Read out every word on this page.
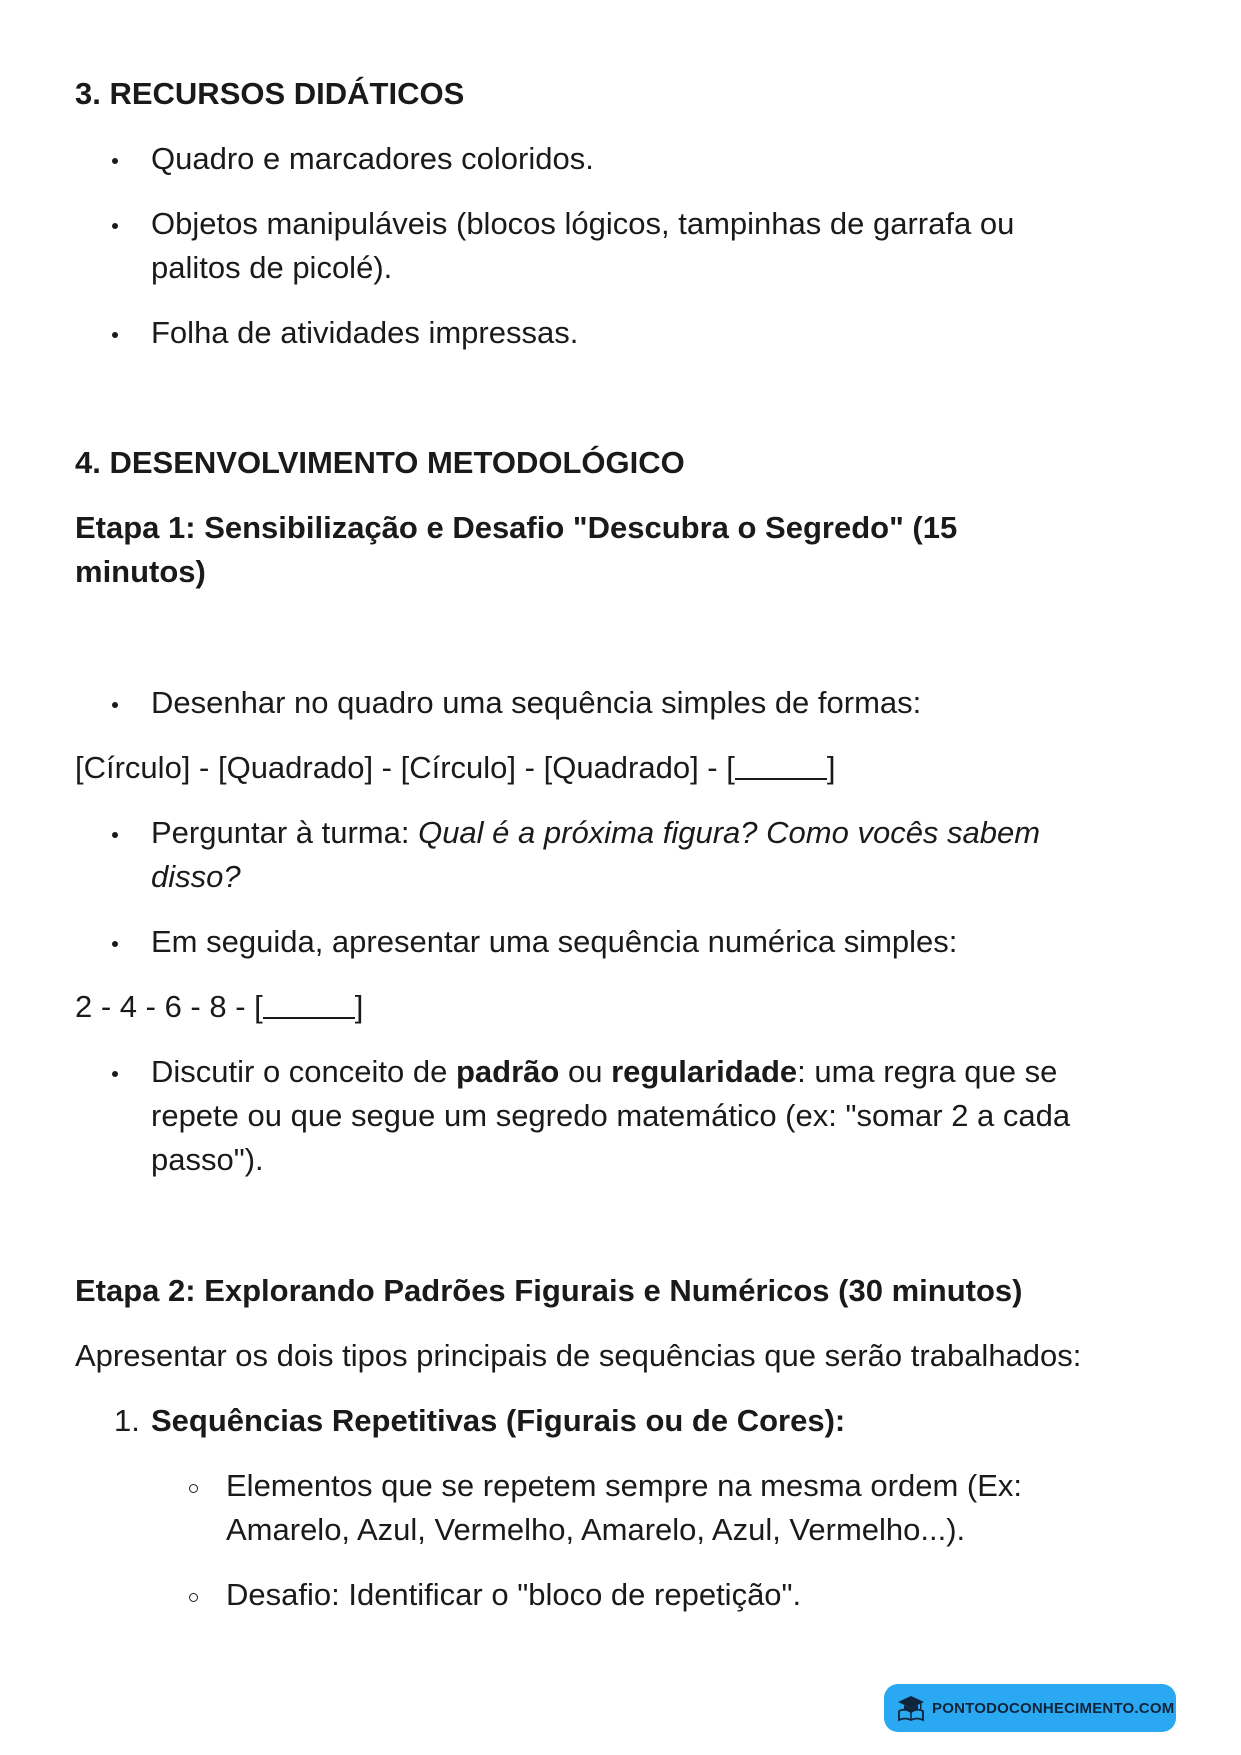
3. RECURSOS DIDÁTICOS
Quadro e marcadores coloridos.
Objetos manipuláveis (blocos lógicos, tampinhas de garrafa ou
palitos de picolé).
Folha de atividades impressas.
4. DESENVOLVIMENTO METODOLÓGICO
Etapa 1: Sensibilização e Desafio "Descubra o Segredo" (15
minutos)
Desenhar no quadro uma sequência simples de formas:
[Círculo] - [Quadrado] - [Círculo] - [Quadrado] - [	]
Perguntar à turma: Qual é a próxima figura? Como vocês sabem
disso?
Em seguida, apresentar uma sequência numérica simples:
2 - 4 - 6 - 8 - [	]
Discutir o conceito de padrão ou regularidade: uma regra que se
repete ou que segue um segredo matemático (ex: "somar 2 a cada
passo").
Etapa 2: Explorando Padrões Figurais e Numéricos (30 minutos)
Apresentar os dois tipos principais de sequências que serão trabalhados:
1. Sequências Repetitivas (Figurais ou de Cores):
Elementos que se repetem sempre na mesma ordem (Ex:
Amarelo, Azul, Vermelho, Amarelo, Azul, Vermelho...).
Desafio: Identificar o "bloco de repetição".
PONTODOCONHECIMENTO.COM
